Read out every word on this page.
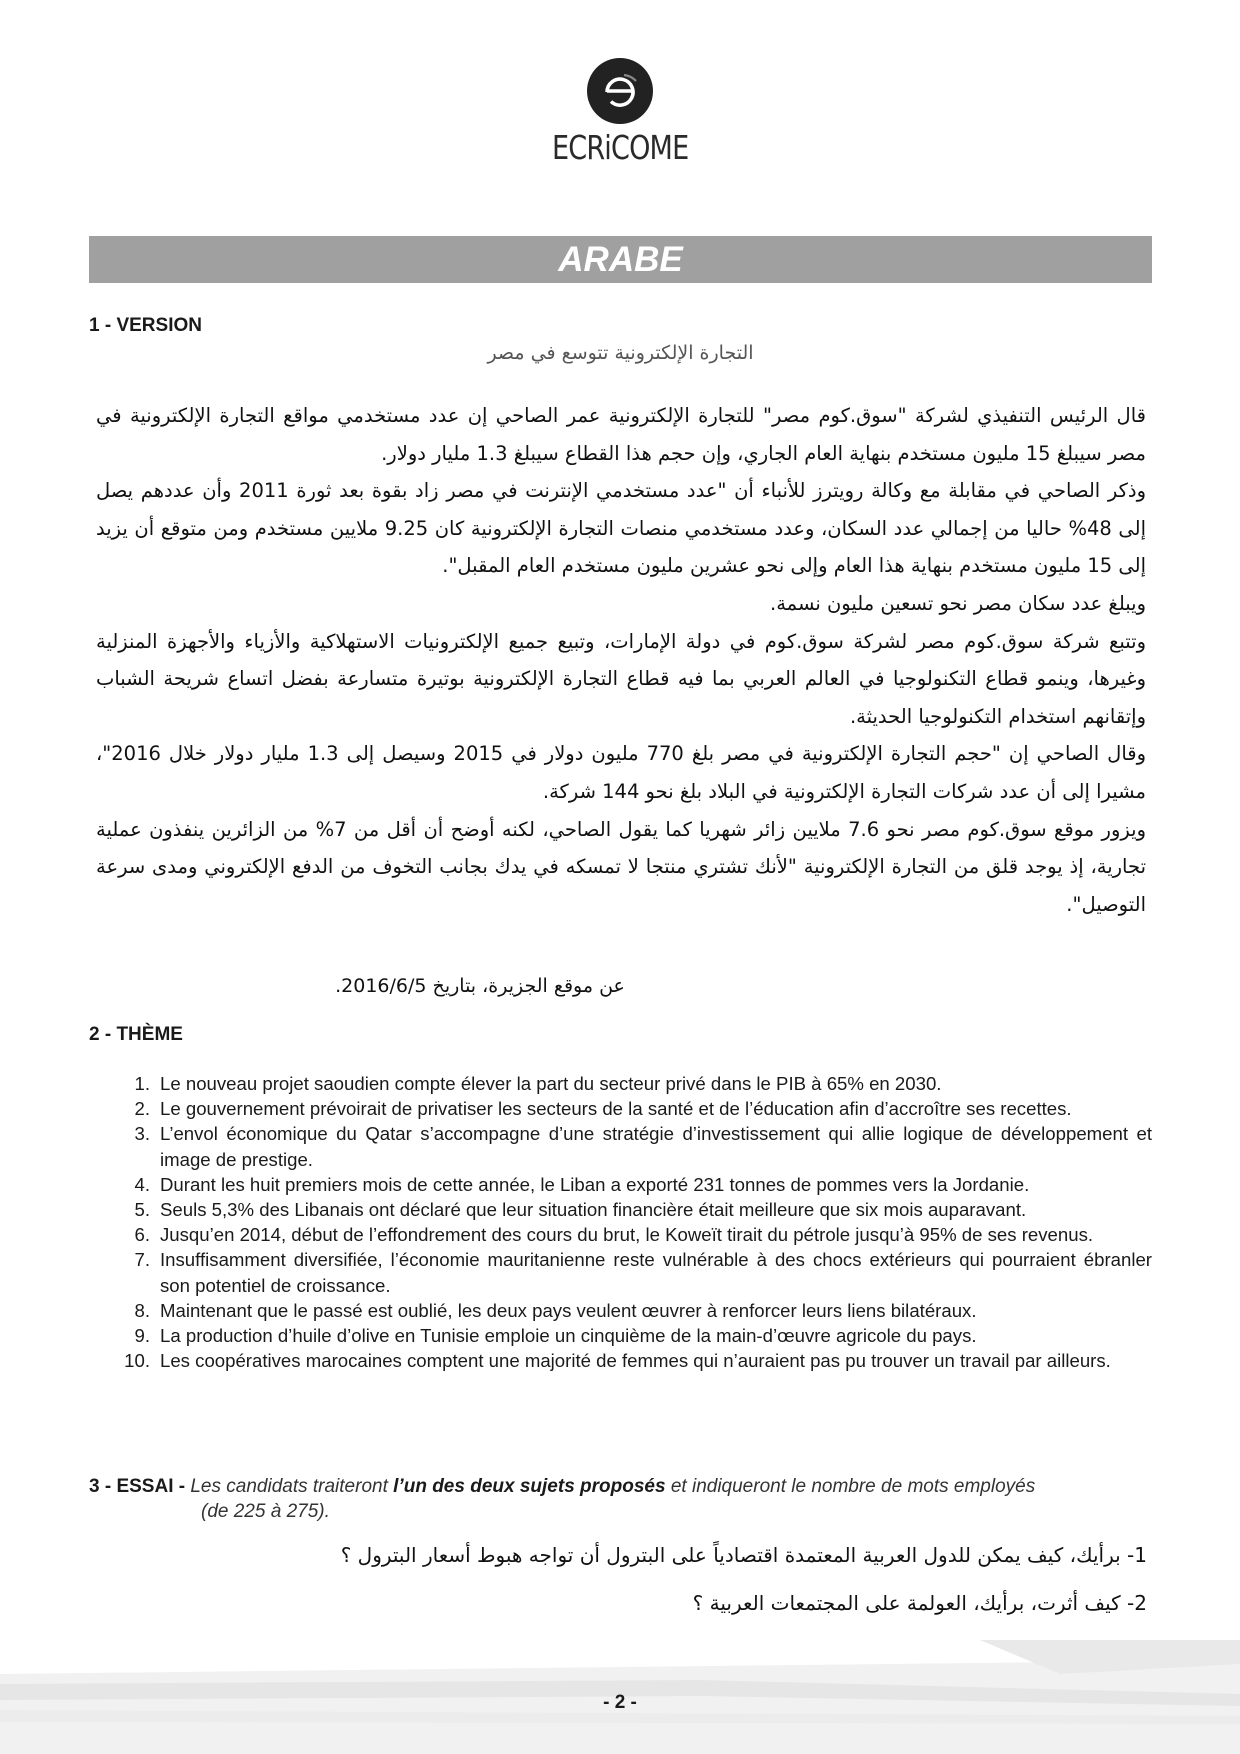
ECRiCOME
ARABE
1 - VERSION
التجارة الإلكترونية تتوسع في مصر

قال الرئيس التنفيذي لشركة "سوق.كوم مصر" للتجارة الإلكترونية عمر الصاحي إن عدد مستخدمي مواقع التجارة الإلكترونية في مصر سيبلغ 15 مليون مستخدم بنهاية العام الجاري، وإن حجم هذا القطاع سيبلغ 1.3 مليار دولار.

وذكر الصاحي في مقابلة مع وكالة رويترز للأنباء أن "عدد مستخدمي الإنترنت في مصر زاد بقوة بعد ثورة 2011 وأن عددهم يصل إلى 48% حاليا من إجمالي عدد السكان، وعدد مستخدمي منصات التجارة الإلكترونية كان 9.25 ملايين مستخدم ومن متوقع أن يزيد إلى 15 مليون مستخدم بنهاية هذا العام وإلى نحو عشرين مليون مستخدم العام المقبل".

ويبلغ عدد سكان مصر نحو تسعين مليون نسمة.

وتتبع شركة سوق.كوم مصر لشركة سوق.كوم في دولة الإمارات، وتبيع جميع الإلكترونيات الاستهلاكية والأزياء والأجهزة المنزلية وغيرها، وينمو قطاع التكنولوجيا في العالم العربي بما فيه قطاع التجارة الإلكترونية بوتيرة متسارعة بفضل اتساع شريحة الشباب وإتقانهم استخدام التكنولوجيا الحديثة.

وقال الصاحي إن "حجم التجارة الإلكترونية في مصر بلغ 770 مليون دولار في 2015 وسيصل إلى 1.3 مليار دولار خلال 2016"، مشيرا إلى أن عدد شركات التجارة الإلكترونية في البلاد بلغ نحو 144 شركة.

ويزور موقع سوق.كوم مصر نحو 7.6 ملايين زائر شهريا كما يقول الصاحي، لكنه أوضح أن أقل من 7% من الزائرين ينفذون عملية تجارية، إذ يوجد قلق من التجارة الإلكترونية "لأنك تشتري منتجا لا تمسكه في يدك بجانب التخوف من الدفع الإلكتروني ومدى سرعة التوصيل".

عن موقع الجزيرة، بتاريخ 2016/6/5.
2 - THÈME
1. Le nouveau projet saoudien compte élever la part du secteur privé dans le PIB à 65% en 2030.
2. Le gouvernement prévoirait de privatiser les secteurs de la santé et de l’éducation afin d’accroître ses recettes.
3. L’envol économique du Qatar s’accompagne d’une stratégie d’investissement qui allie logique de développement et image de prestige.
4. Durant les huit premiers mois de cette année, le Liban a exporté 231 tonnes de pommes vers la Jordanie.
5. Seuls 5,3% des Libanais ont déclaré que leur situation financière était meilleure que six mois auparavant.
6. Jusqu’en 2014, début de l’effondrement des cours du brut, le Koweït tirait du pétrole jusqu’à 95% de ses revenus.
7. Insuffisamment diversifiée, l’économie mauritanienne reste vulnérable à des chocs extérieurs qui pourraient ébranler son potentiel de croissance.
8. Maintenant que le passé est oublié, les deux pays veulent œuvrer à renforcer leurs liens bilatéraux.
9. La production d’huile d’olive en Tunisie emploie un cinquième de la main-d’œuvre agricole du pays.
10. Les coopératives marocaines comptent une majorité de femmes qui n’auraient pas pu trouver un travail par ailleurs.
3 - ESSAI - Les candidats traiteront l’un des deux sujets proposés et indiqueront le nombre de mots employés
(de 225 à 275).
1- برأيك، كيف يمكن للدول العربية المعتمدة اقتصادياً على البترول أن تواجه هبوط أسعار البترول ؟
2- كيف أثرت، برأيك، العولمة على المجتمعات العربية ؟
- 2 -
